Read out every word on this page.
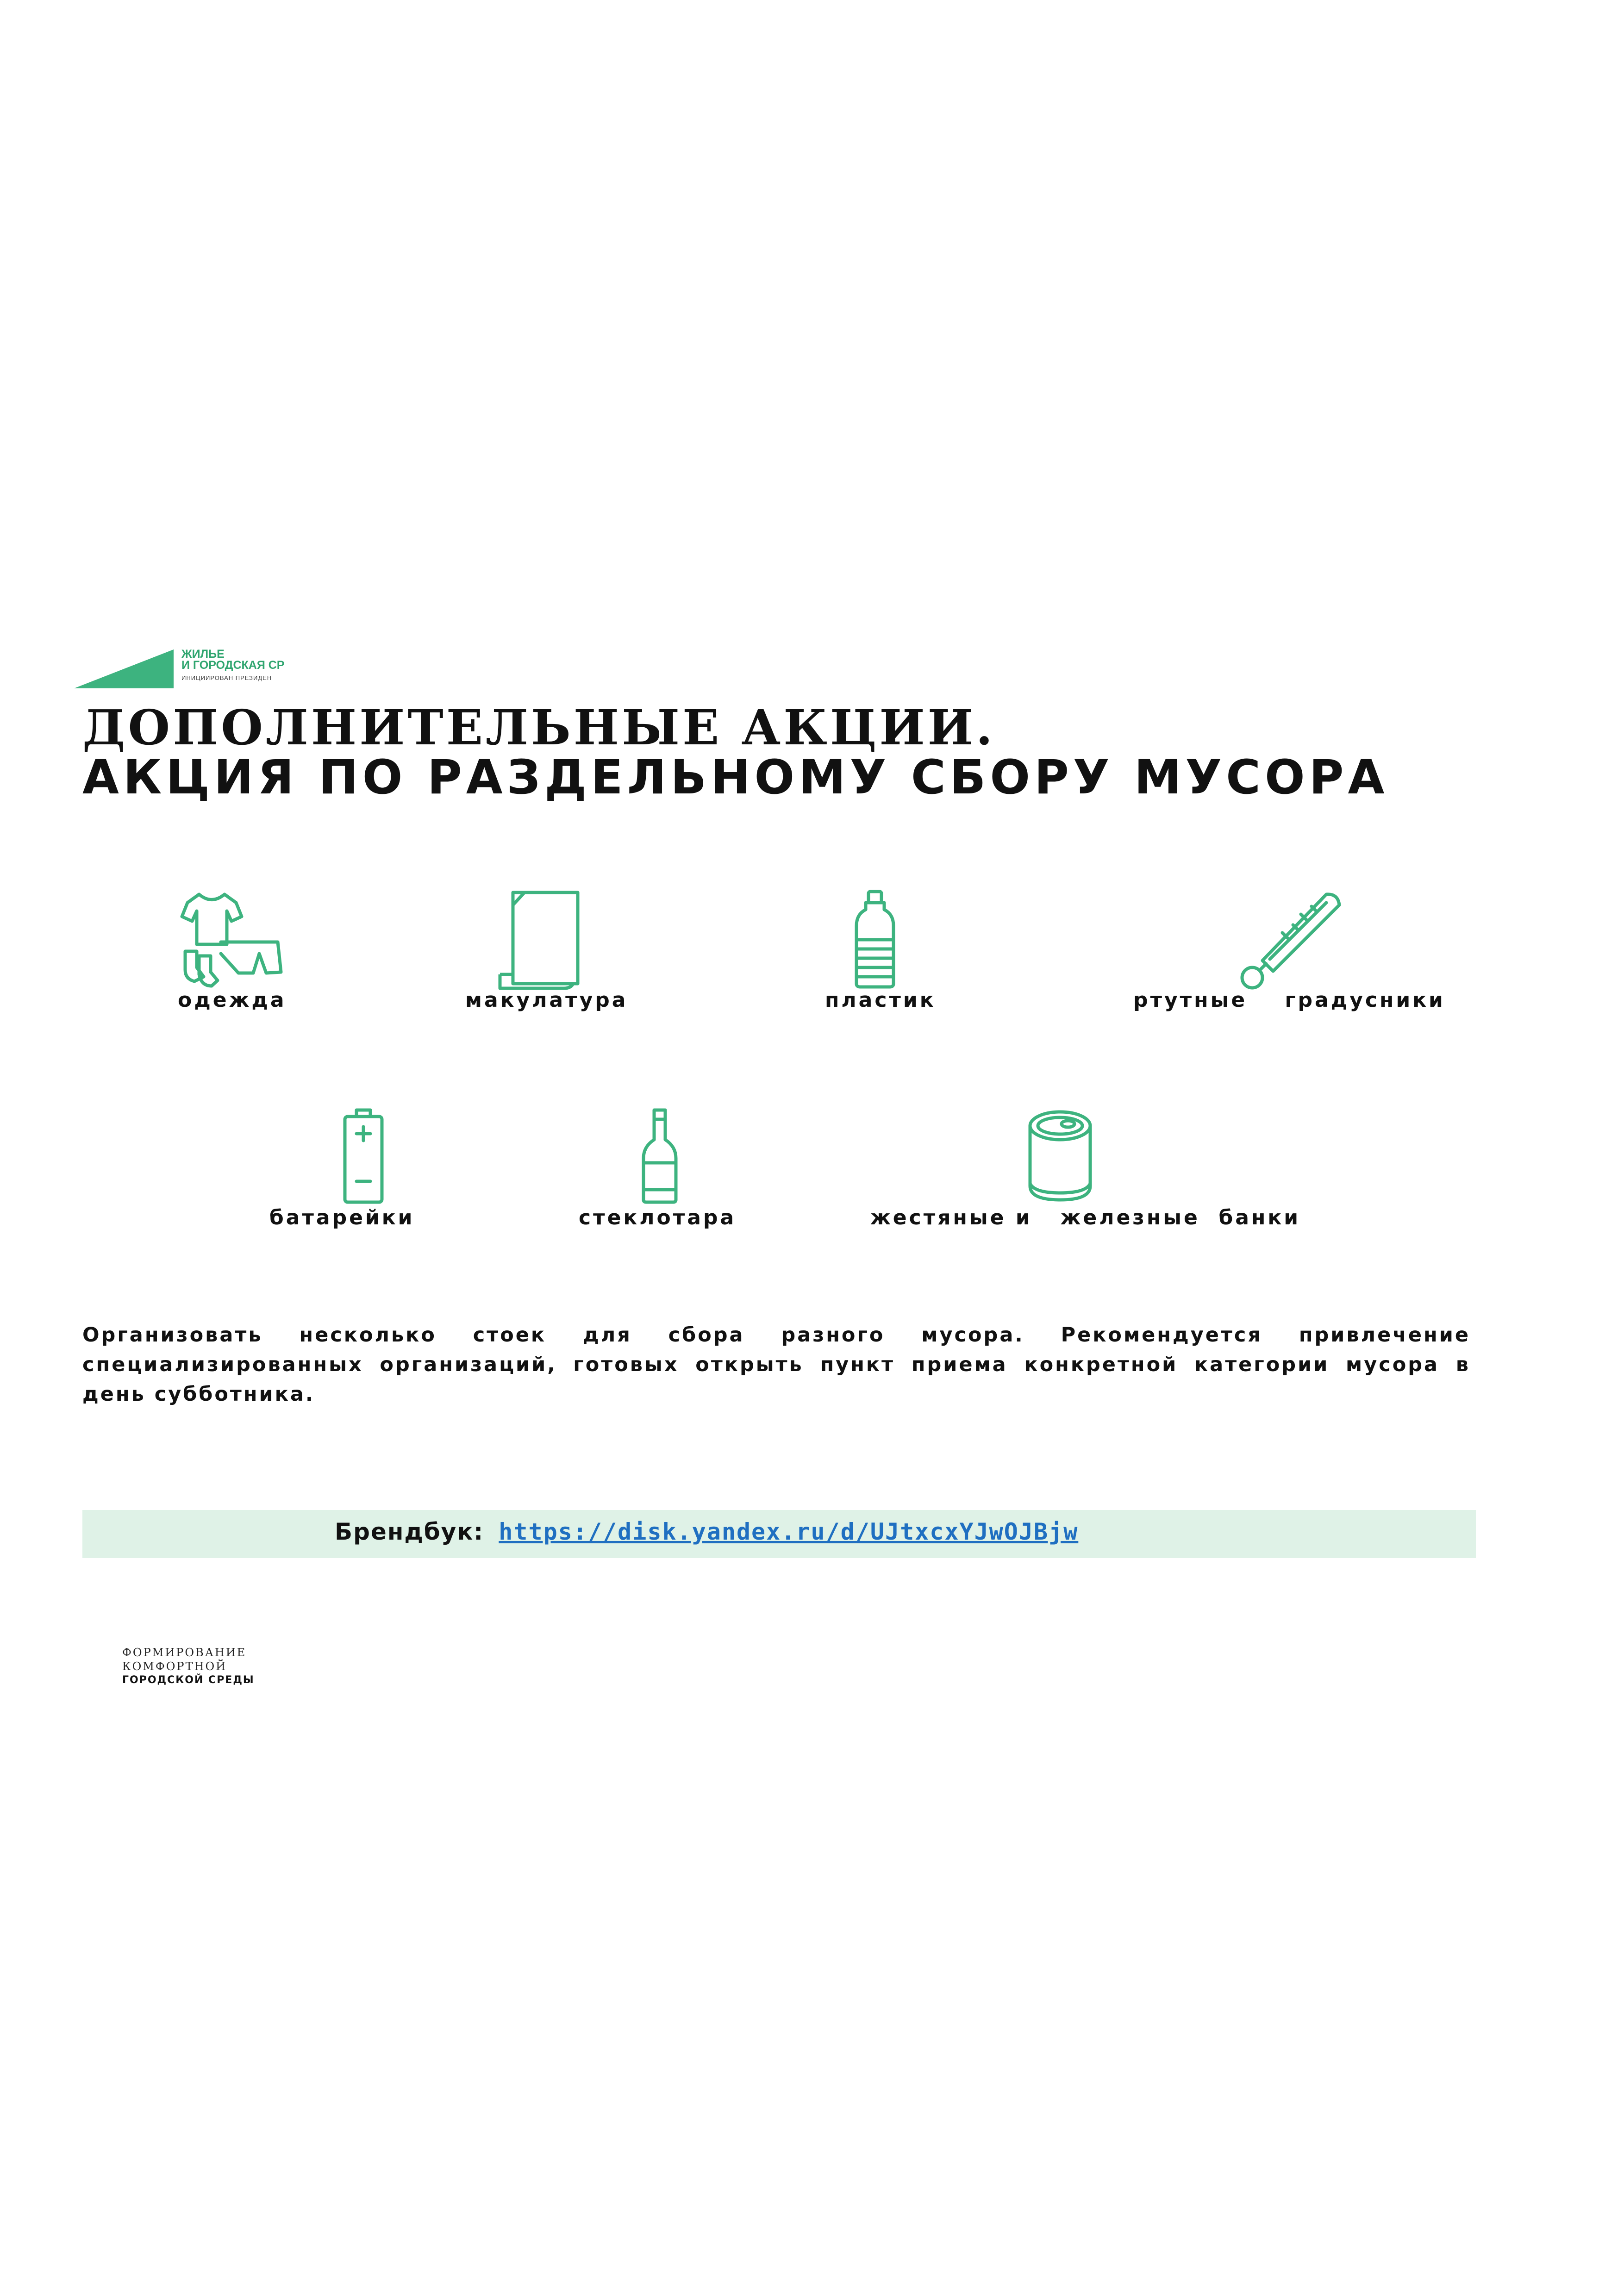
НАЦИОНАЛЬНЫЕ ПРОЕКТЫ РОССИИ	ЖИЛЬЕ
И ГОРОДСКАЯ СР
ИНИЦИИРОВАН ПРЕЗИДЕН
ДОПОЛНИТЕЛЬНЫЕ АКЦИИ.
АКЦИЯ ПО РАЗДЕЛЬНОМУ СБОРУ МУСОРА
одежда	макулатура	пластик	ртутные    градусники
батарейки	стеклотара	жестяные и   железные  банки
Организовать несколько стоек для сбора разного мусора. Рекомендуется привлечение специализированных организаций, готовых открыть пункт приема конкретной категории мусора в день субботника.
Брендбук: https://disk.yandex.ru/d/UJtxcxYJwOJBjw
ФОРМИРОВАНИЕ
КОМФОРТНОЙ
ГОРОДСКОЙ СРЕДЫ
